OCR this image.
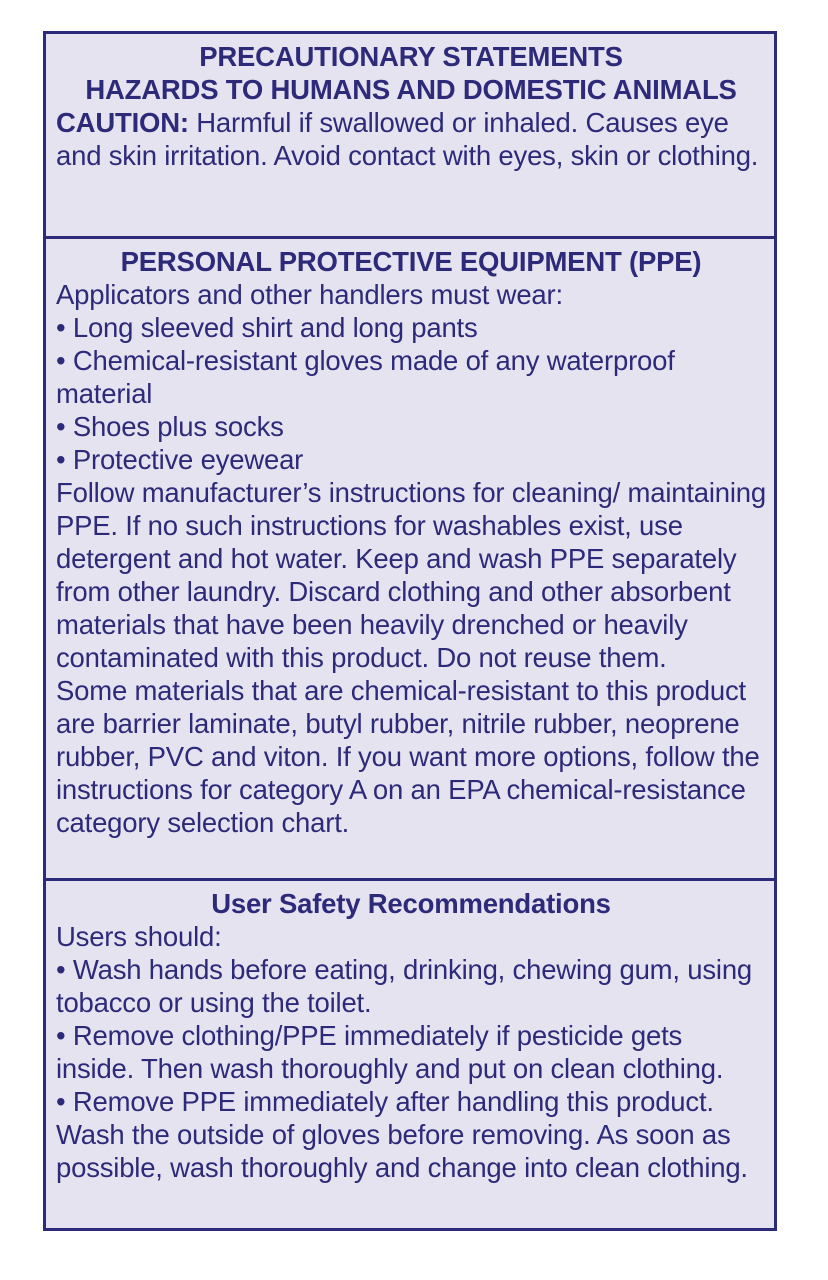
PRECAUTIONARY STATEMENTS
HAZARDS TO HUMANS AND DOMESTIC ANIMALS
CAUTION: Harmful if swallowed or inhaled. Causes eye and skin irritation. Avoid contact with eyes, skin or clothing.
PERSONAL PROTECTIVE EQUIPMENT (PPE)
Applicators and other handlers must wear:
• Long sleeved shirt and long pants
• Chemical-resistant gloves made of any waterproof material
• Shoes plus socks
• Protective eyewear
Follow manufacturer’s instructions for cleaning/ maintaining PPE. If no such instructions for washables exist, use detergent and hot water. Keep and wash PPE separately from other laundry. Discard clothing and other absorbent materials that have been heavily drenched or heavily contaminated with this product. Do not reuse them.
Some materials that are chemical-resistant to this product are barrier laminate, butyl rubber, nitrile rubber, neoprene rubber, PVC and viton. If you want more options, follow the instructions for category A on an EPA chemical-resistance category selection chart.
User Safety Recommendations
Users should:
• Wash hands before eating, drinking, chewing gum, using tobacco or using the toilet.
• Remove clothing/PPE immediately if pesticide gets inside. Then wash thoroughly and put on clean clothing.
• Remove PPE immediately after handling this product. Wash the outside of gloves before removing. As soon as possible, wash thoroughly and change into clean clothing.
